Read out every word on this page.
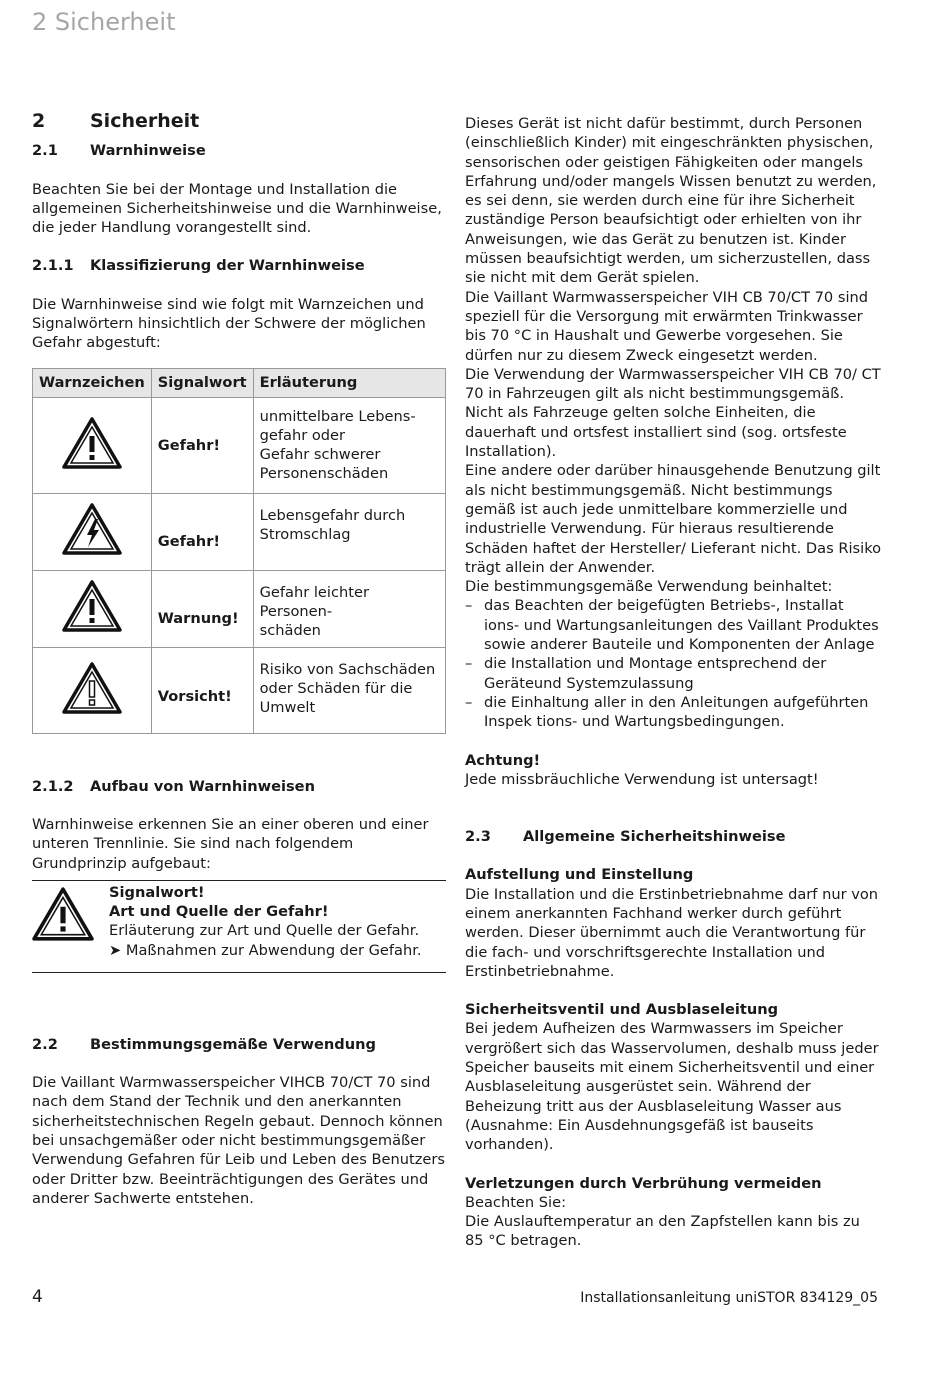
2 Sicherheit
2 Sicherheit
2.1 Warnhinweise

Beachten Sie bei der Montage und Installation die allgemeinen Sicherheitshinweise und die Warnhinweise, die jeder Handlung vorangestellt sind.

2.1.1 Klassifizierung der Warnhinweise

Die Warnhinweise sind wie folgt mit Warnzeichen und Signalwörtern hinsichtlich der Schwere der möglichen Gefahr abgestuft:

Warnzeichen	Signalwort	Erläuterung
	Gefahr!	unmittelbare Lebens-
gefahr oder
Gefahr schwerer
Personenschäden

	Gefahr!	Lebensgefahr durch
Stromschlag

	Warnung!	Gefahr leichter Personen-
schäden

	Vorsicht!	Risiko von Sachschäden
oder Schäden für die
Umwelt
2.1.2 Aufbau von Warnhinweisen

Warnhinweise erkennen Sie an einer oberen und einer unteren Trennlinie. Sie sind nach folgendem Grundprinzip aufgebaut:

Signalwort!
Art und Quelle der Gefahr!
Erläuterung zur Art und Quelle der Gefahr.
➤ Maßnahmen zur Abwendung der Gefahr.
2.2 Bestimmungsgemäße Verwendung

Die Vaillant Warmwasserspeicher VIHCB 70/CT 70 sind nach dem Stand der Technik und den anerkannten sicherheitstechnischen Regeln gebaut. Dennoch können bei unsachgemäßer oder nicht bestimmungsgemäßer Verwendung Gefahren für Leib und Leben des Benutzers oder Dritter bzw. Beeinträchtigungen des Gerätes und anderer Sachwerte entstehen.

Dieses Gerät ist nicht dafür bestimmt, durch Personen (einschließlich Kinder) mit eingeschränkten physischen, sensorischen oder geistigen Fähigkeiten oder mangels Erfahrung und/oder mangels Wissen benutzt zu werden, es sei denn, sie werden durch eine für ihre Sicherheit zuständige Person beaufsichtigt oder erhielten von ihr Anweisungen, wie das Gerät zu benutzen ist. Kinder müssen beaufsichtigt werden, um sicherzustellen, dass sie nicht mit dem Gerät spielen.

Die Vaillant Warmwasserspeicher VIH CB 70/CT 70 sind speziell für die Versorgung mit erwärmten Trinkwasser bis 70 °C in Haushalt und Gewerbe vorgesehen. Sie dürfen nur zu diesem Zweck eingesetzt werden.

Die Verwendung der Warmwasserspeicher VIH CB 70/ CT 70 in Fahrzeugen gilt als nicht bestimmungsgemäß. Nicht als Fahrzeuge gelten solche Einheiten, die dauerhaft und ortsfest installiert sind (sog. ortsfeste Installation).

Eine andere oder darüber hinausgehende Benutzung gilt als nicht bestimmungsgemäß. Nicht bestimmungs gemäß ist auch jede unmittelbare kommerzielle und industrielle Verwendung. Für hieraus resultierende Schäden haftet der Hersteller/ Lieferant nicht. Das Risiko trägt allein der Anwender.

Die bestimmungsgemäße Verwendung beinhaltet:

– das Beachten der beigefügten Betriebs-, Installat ions- und Wartungsanleitungen des Vaillant Produktes sowie anderer Bauteile und Komponenten der Anlage
– die Installation und Montage entsprechend der Geräteund Systemzulassung
– die Einhaltung aller in den Anleitungen aufgeführten Inspek tions- und Wartungsbedingungen.

Achtung!

Jede missbräuchliche Verwendung ist untersagt!

2.3 Allgemeine Sicherheitshinweise

Aufstellung und Einstellung

Die Installation und die Erstinbetriebnahme darf nur von einem anerkannten Fachhand werker durch geführt werden. Dieser übernimmt auch die Verantwortung für die fach- und vorschriftsgerechte Installation und Erstinbetriebnahme.

Sicherheitsventil und Ausblaseleitung

Bei jedem Aufheizen des Warmwassers im Speicher vergrößert sich das Wasservolumen, deshalb muss jeder Speicher bauseits mit einem Sicherheitsventil und einer Ausblaseleitung ausgerüstet sein. Während der Beheizung tritt aus der Ausblaseleitung Wasser aus (Ausnahme: Ein Ausdehnungsgefäß ist bauseits vorhanden).

Verletzungen durch Verbrühung vermeiden

Beachten Sie:

Die Auslauftemperatur an den Zapfstellen kann bis zu 85 °C betragen.

4	Installationsanleitung uniSTOR 834129_05
